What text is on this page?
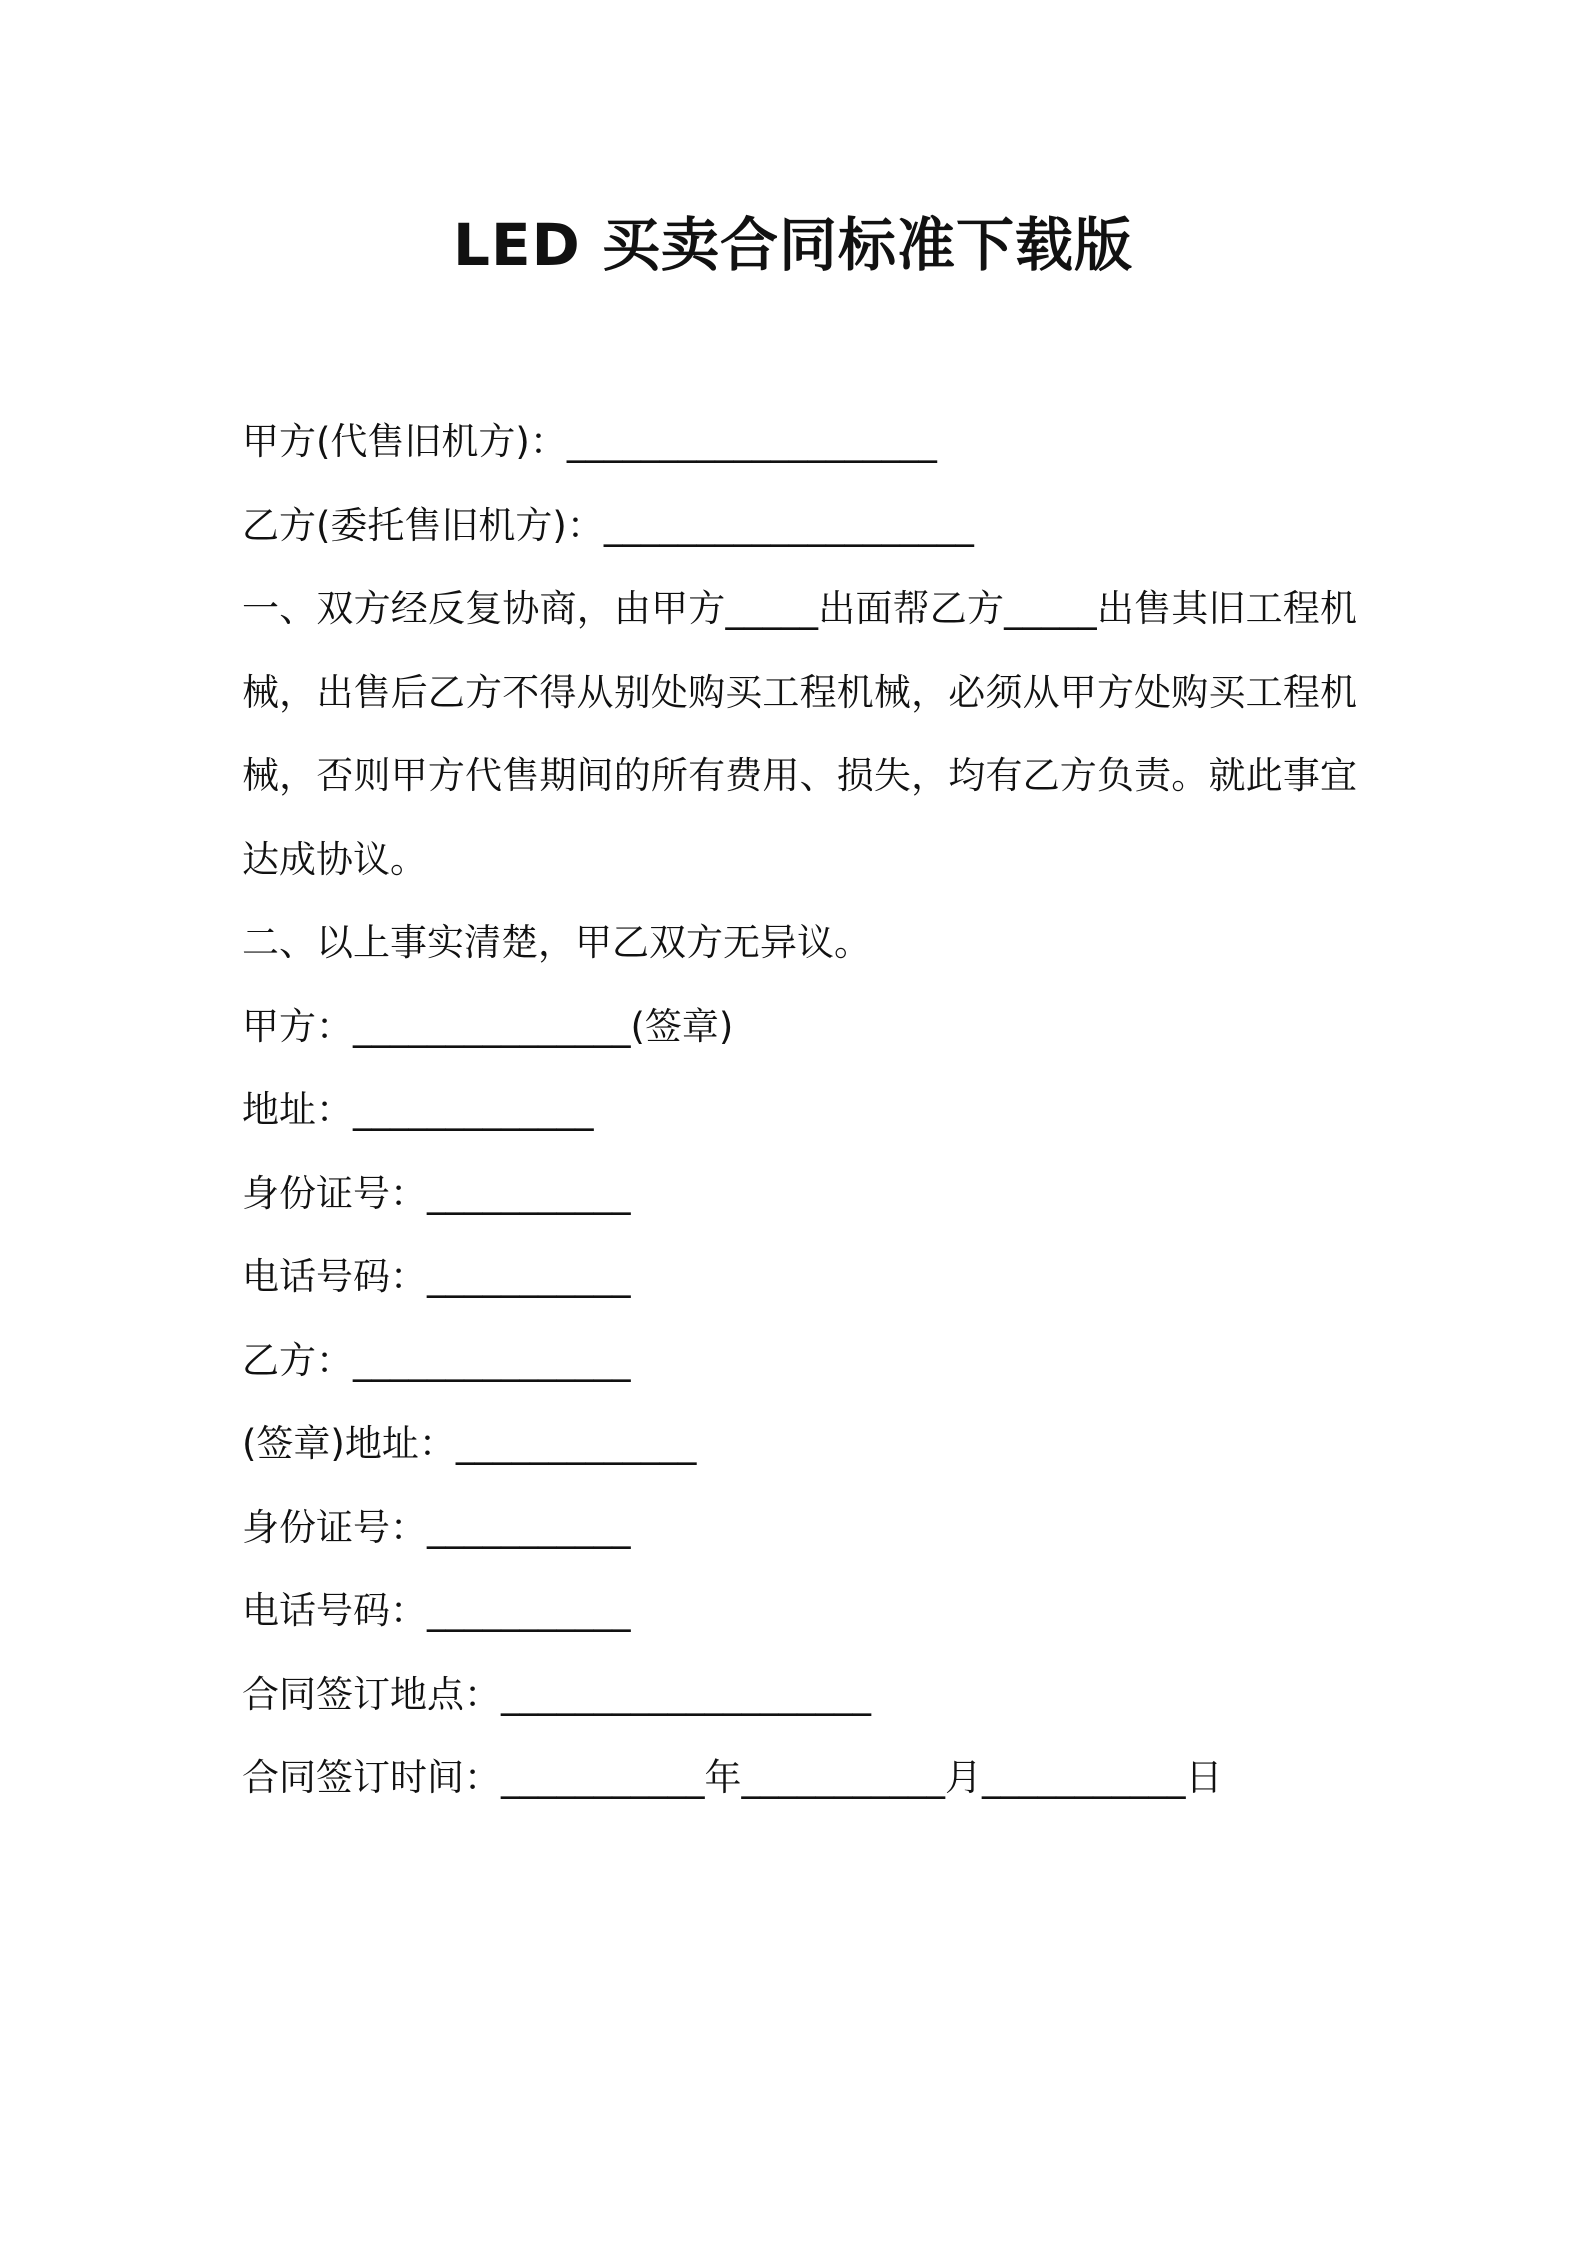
LED 买卖合同标准下载版
甲方(代售旧机方)：____________________
乙方(委托售旧机方)：____________________
一、双方经反复协商，由甲方_____出面帮乙方_____出售其旧工程机械，出售后乙方不得从别处购买工程机械，必须从甲方处购买工程机械，否则甲方代售期间的所有费用、损失，均有乙方负责。就此事宜达成协议。
二、以上事实清楚，甲乙双方无异议。
甲方：_______________(签章)
地址：_____________
身份证号：___________
电话号码：___________
乙方：_______________
(签章)地址：_____________
身份证号：___________
电话号码：___________
合同签订地点：____________________
合同签订时间：___________年___________月___________日
